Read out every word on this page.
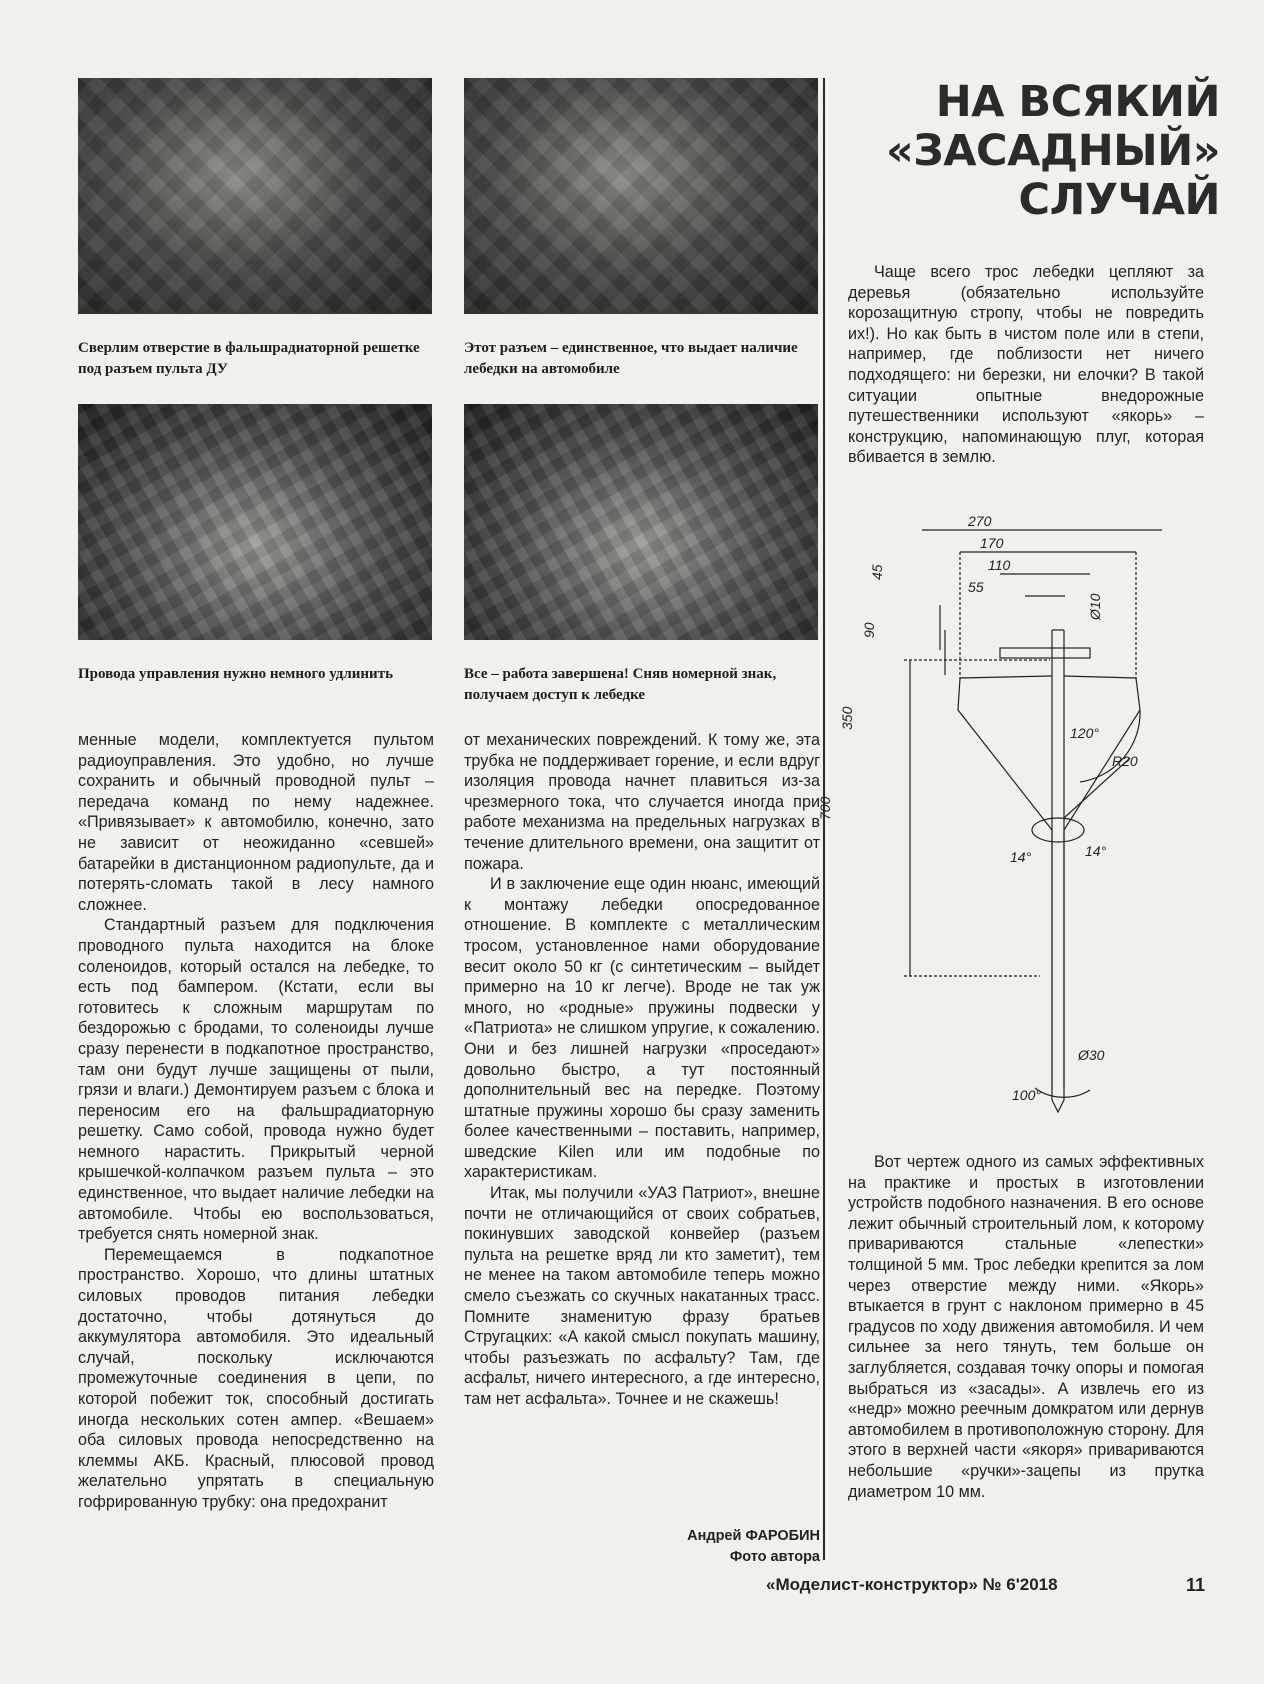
Сверлим отверстие в фальшрадиаторной решетке под разъем пульта ДУ
Этот разъем – единственное, что выдает наличие лебедки на автомобиле
Провода управления нужно немного удлинить	Все – работа завершена! Сняв номерной знак, получаем доступ к лебедке

менные модели, комплектуется пультом радиоуправления. Это удобно, но лучше сохранить и обычный проводной пульт – передача команд по нему надежнее. «Привязывает» к автомобилю, конечно, зато не зависит от неожиданно «севшей» батарейки в дистанционном радиопульте, да и потерять-сломать такой в лесу намного сложнее.

Стандартный разъем для подключения проводного пульта находится на блоке соленоидов, который остался на лебедке, то есть под бампером. (Кстати, если вы готовитесь к сложным маршрутам по бездорожью с бродами, то соленоиды лучше сразу перенести в подкапотное пространство, там они будут лучше защищены от пыли, грязи и влаги.) Демонтируем разъем с блока и переносим его на фальшрадиаторную решетку. Само собой, провода нужно будет немного нарастить. Прикрытый черной крышечкой-колпачком разъем пульта – это единственное, что выдает наличие лебедки на автомобиле. Чтобы ею воспользоваться, требуется снять номерной знак.

Перемещаемся в подкапотное пространство. Хорошо, что длины штатных силовых проводов питания лебедки достаточно, чтобы дотянуться до аккумулятора автомобиля. Это идеальный случай, поскольку исключаются промежуточные соединения в цепи, по которой побежит ток, способный достигать иногда нескольких сотен ампер. «Вешаем» оба силовых провода непосредственно на клеммы АКБ. Красный, плюсовой провод желательно упрятать в специальную гофрированную трубку: она предохранит

от механических повреждений. К тому же, эта трубка не поддерживает горение, и если вдруг изоляция провода начнет плавиться из-за чрезмерного тока, что случается иногда при работе механизма на предельных нагрузках в течение длительного времени, она защитит от пожара.

И в заключение еще один нюанс, имеющий к монтажу лебедки опосредованное отношение. В комплекте с металлическим тросом, установленное нами оборудование весит около 50 кг (с синтетическим – выйдет примерно на 10 кг легче). Вроде не так уж много, но «родные» пружины подвески у «Патриота» не слишком упругие, к сожалению. Они и без лишней нагрузки «проседают» довольно быстро, а тут постоянный дополнительный вес на передке. Поэтому штатные пружины хорошо бы сразу заменить более качественными – поставить, например, шведские Kilen или им подобные по характеристикам.

Итак, мы получили «УАЗ Патриот», внешне почти не отличающийся от своих собратьев, покинувших заводской конвейер (разъем пульта на решетке вряд ли кто заметит), тем не менее на таком автомобиле теперь можно смело съезжать со скучных накатанных трасс. Помните знаменитую фразу братьев Стругацких: «А какой смысл покупать машину, чтобы разъезжать по асфальту? Там, где асфальт, ничего интересного, а где интересно, там нет асфальта». Точнее и не скажешь!

Андрей ФАРОБИН
Фото автора
НА ВСЯКИЙ
«ЗАСАДНЫЙ»
СЛУЧАЙ

Чаще всего трос лебедки цепляют за деревья (обязательно используйте корозащитную стропу, чтобы не повредить их!). Но как быть в чистом поле или в степи, например, где поблизости нет ничего подходящего: ни березки, ни елочки? В такой ситуации опытные внедорожные путешественники используют «якорь» – конструкцию, напоминающую плуг, которая вбивается в землю.

270
170
110
55
45
90
350
700
Ø10
120°
R20
14°	14°
Ø30
100°

Вот чертеж одного из самых эффективных на практике и простых в изготовлении устройств подобного назначения. В его основе лежит обычный строительный лом, к которому привариваются стальные «лепестки» толщиной 5 мм. Трос лебедки крепится за лом через отверстие между ними. «Якорь» втыкается в грунт с наклоном примерно в 45 градусов по ходу движения автомобиля. И чем сильнее за него тянуть, тем больше он заглубляется, создавая точку опоры и помогая выбраться из «засады». А извлечь его из «недр» можно реечным домкратом или дернув автомобилем в противоположную сторону. Для этого в верхней части «якоря» привариваются небольшие «ручки»-зацепы из прутка диаметром 10 мм.

«Моделист-конструктор» № 6'2018	11
